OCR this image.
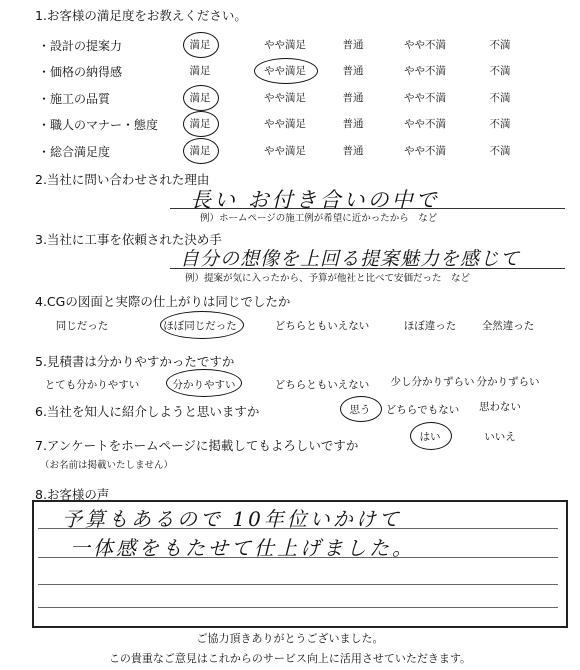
1.お客様の満足度をお教えください。
・設計の提案力	満足	やや満足	普通	やや不満	不満
・価格の納得感	満足	やや満足	普通	やや不満	不満
・施工の品質	満足	やや満足	普通	やや不満	不満
・職人のマナー・態度	満足	やや満足	普通	やや不満	不満
・総合満足度	満足	やや満足	普通	やや不満	不満
2.当社に問い合わせされた理由
長い お付き合いの中で
例）ホームページの施工例が希望に近かったから　など
3.当社に工事を依頼された決め手
自分の想像を上回る提案魅力を感じて
例）提案が気に入ったから、予算が他社と比べて安価だった　など
4.CGの図面と実際の仕上がりは同じでしたか
同じだった	ほぼ同じだった	どちらともいえない	ほぼ違った	全然違った
5.見積書は分かりやすかったですか
とても分かりやすい	分かりやすい	どちらともいえない	少し分かりずらい 分かりずらい
6.当社を知人に紹介しようと思いますか	思う	どちらでもない	思わない
7.アンケートをホームページに掲載してもよろしいですか
（お名前は掲載いたしません）
はい	いいえ
8.お客様の声
予算もあるので 10年位いかけて
一体感をもたせて仕上げました。
ご協力頂きありがとうございました。
この貴重なご意見はこれからのサービス向上に活用させていただきます。
